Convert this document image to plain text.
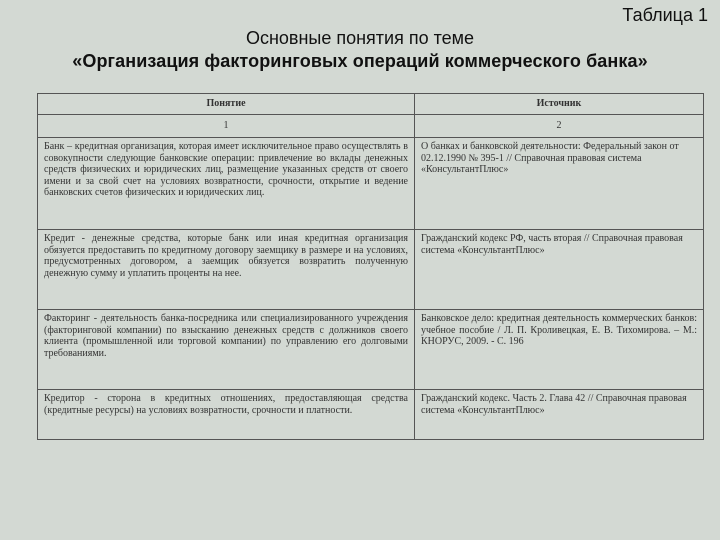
Таблица 1
Основные понятия по теме
«Организация факторинговых операций коммерческого банка»
Понятие	Источник
1	2
Банк – кредитная организация, которая имеет исключительное право осуществлять в совокупности следующие банковские операции: привлечение во вклады денежных средств физических и юридических лиц, размещение указанных средств от своего имени и за свой счет на условиях возвратности, срочности, открытие и ведение банковских счетов физических и юридических лиц.	О банках и банковской деятельности: Федеральный закон от 02.12.1990 № 395-1 // Справочная правовая система «КонсультантПлюс»
Кредит - денежные средства, которые банк или иная кредитная организация обязуется предоставить по кредитному договору заемщику в размере и на условиях, предусмотренных договором, а заемщик обязуется возвратить полученную денежную сумму и уплатить проценты на нее.	Гражданский кодекс РФ, часть вторая // Справочная правовая система «КонсультантПлюс»
Факторинг - деятельность банка-посредника или специализированного учреждения (факторинговой компании) по взысканию денежных средств с должников своего клиента (промышленной или торговой компании) по управлению его долговыми требованиями.	Банковское дело: кредитная деятельность коммерческих банков: учебное пособие / Л. П. Кроливецкая, Е. В. Тихомирова. – М.: КНОРУС, 2009. - С. 196
Кредитор - сторона в кредитных отношениях, предоставляющая средства (кредитные ресурсы) на условиях возвратности, срочности и платности.	Гражданский кодекс. Часть 2. Глава 42 // Справочная правовая система «КонсультантПлюс»
